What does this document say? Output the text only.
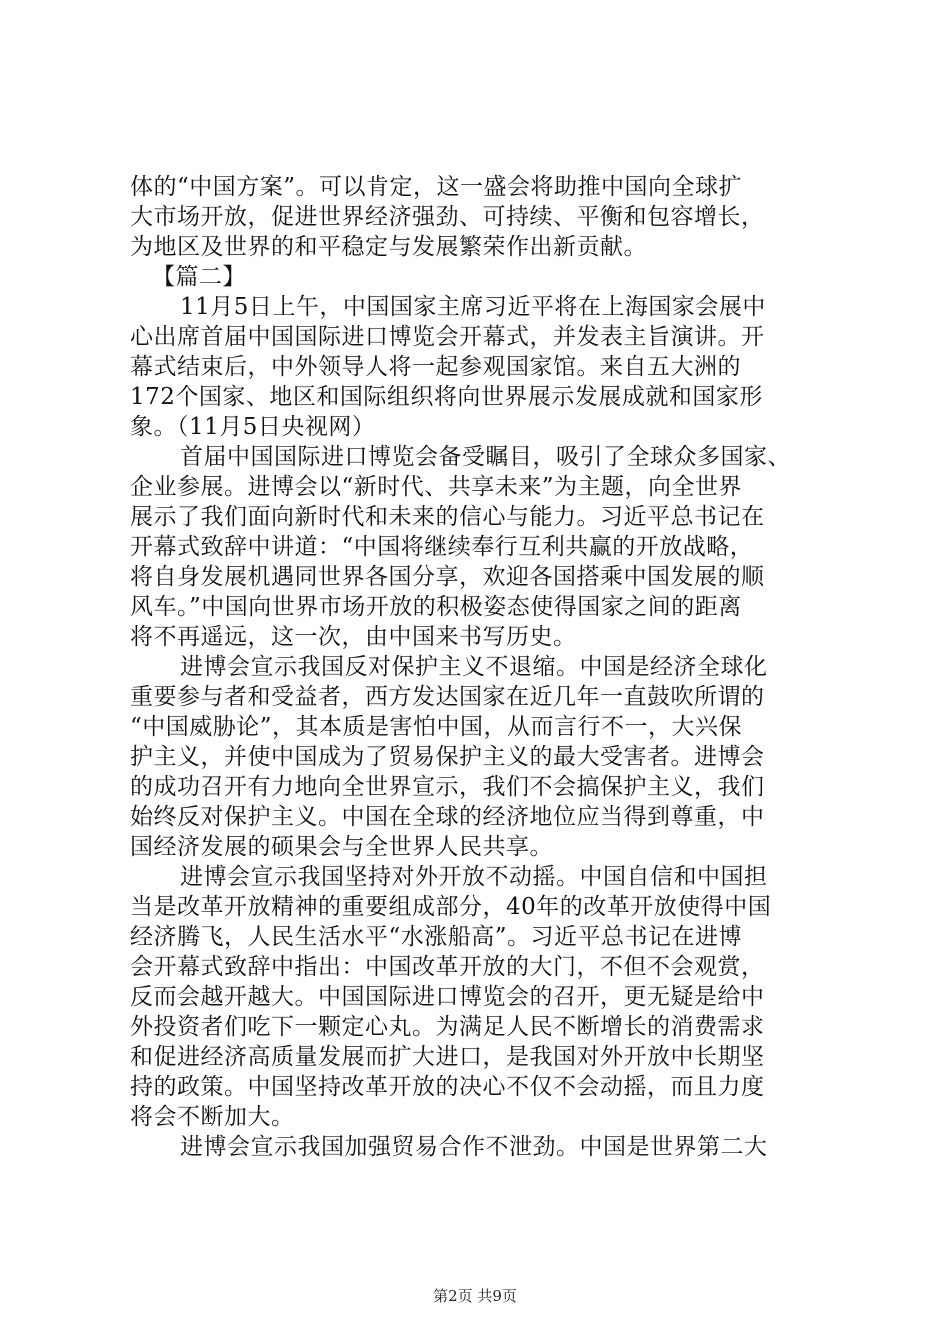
体的“中国方案”。可以肯定，这一盛会将助推中国向全球扩
大市场开放，促进世界经济强劲、可持续、平衡和包容增长，
为地区及世界的和平稳定与发展繁荣作出新贡献。
【篇二】
11月5日上午，中国国家主席习近平将在上海国家会展中
心出席首届中国国际进口博览会开幕式，并发表主旨演讲。开
幕式结束后，中外领导人将一起参观国家馆。来自五大洲的
172个国家、地区和国际组织将向世界展示发展成就和国家形
象。（11月5日央视网）
首届中国国际进口博览会备受瞩目，吸引了全球众多国家、
企业参展。进博会以“新时代、共享未来”为主题，向全世界
展示了我们面向新时代和未来的信心与能力。习近平总书记在
开幕式致辞中讲道：“中国将继续奉行互利共赢的开放战略，
将自身发展机遇同世界各国分享，欢迎各国搭乘中国发展的顺
风车。”中国向世界市场开放的积极姿态使得国家之间的距离
将不再遥远，这一次，由中国来书写历史。
进博会宣示我国反对保护主义不退缩。中国是经济全球化
重要参与者和受益者，西方发达国家在近几年一直鼓吹所谓的
“中国威胁论”，其本质是害怕中国，从而言行不一，大兴保
护主义，并使中国成为了贸易保护主义的最大受害者。进博会
的成功召开有力地向全世界宣示，我们不会搞保护主义，我们
始终反对保护主义。中国在全球的经济地位应当得到尊重，中
国经济发展的硕果会与全世界人民共享。
进博会宣示我国坚持对外开放不动摇。中国自信和中国担
当是改革开放精神的重要组成部分，40年的改革开放使得中国
经济腾飞，人民生活水平“水涨船高”。习近平总书记在进博
会开幕式致辞中指出：中国改革开放的大门，不但不会观赏，
反而会越开越大。中国国际进口博览会的召开，更无疑是给中
外投资者们吃下一颗定心丸。为满足人民不断增长的消费需求
和促进经济高质量发展而扩大进口，是我国对外开放中长期坚
持的政策。中国坚持改革开放的决心不仅不会动摇，而且力度
将会不断加大。
进博会宣示我国加强贸易合作不泄劲。中国是世界第二大
第2页 共9页
